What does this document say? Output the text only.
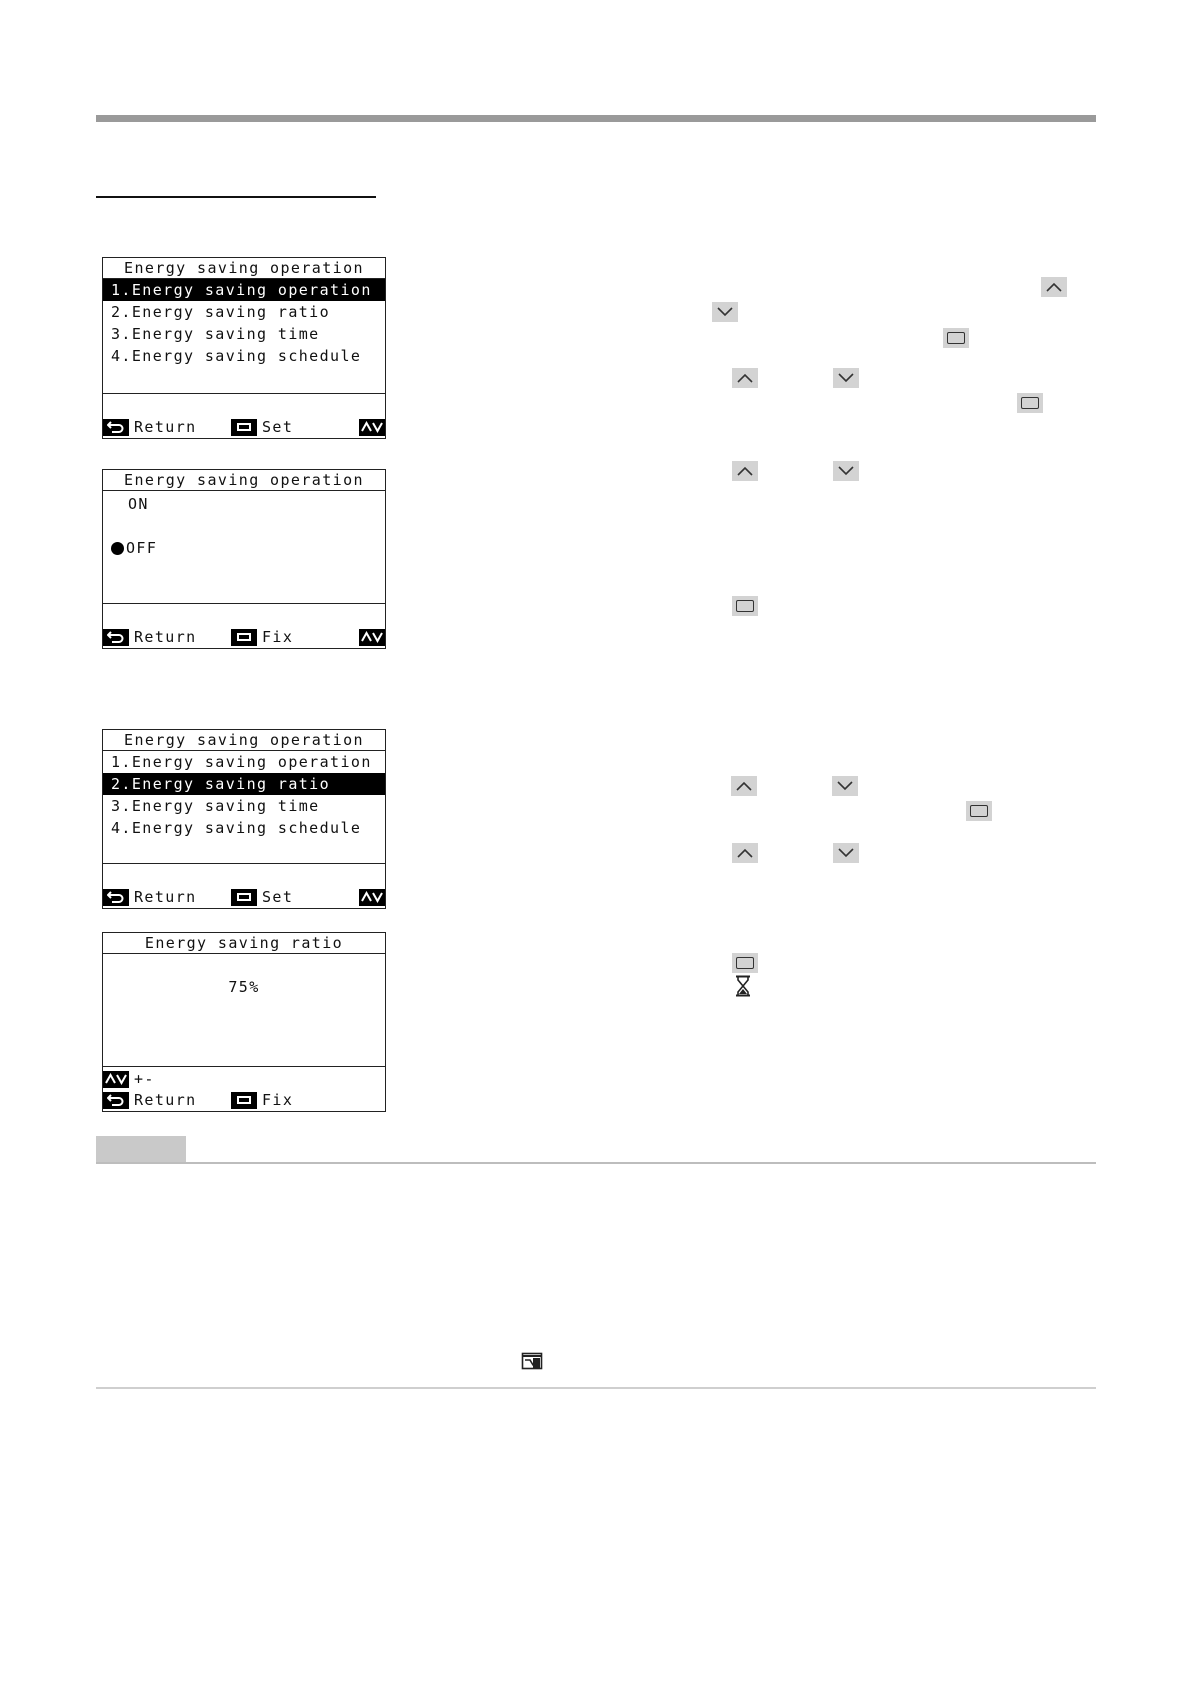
Energy saving operation
1.Energy saving operation
2.Energy saving ratio
3.Energy saving time
4.Energy saving schedule
Return	Set
Energy saving operation
ON
OFF
Return	Fix
Energy saving operation
1.Energy saving operation
2.Energy saving ratio
3.Energy saving time
4.Energy saving schedule
Return	Set
Energy saving ratio
75%
+-
Return	Fix
